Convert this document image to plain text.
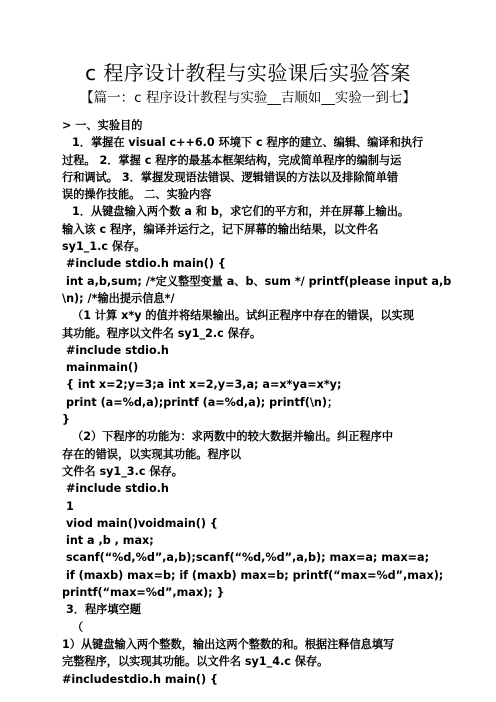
c 程序设计教程与实验课后实验答案
【篇一：c 程序设计教程与实验__吉顺如__实验一到七】

> 一、实验目的

1．掌握在 visual c++6.0 环境下 c 程序的建立、编辑、编译和执行

过程。 2．掌握 c 程序的最基本框架结构，完成简单程序的编制与运

行和调试。 3．掌握发现语法错误、逻辑错误的方法以及排除简单错

误的操作技能。 二、实验内容

1．从键盘输入两个数 a 和 b，求它们的平方和，并在屏幕上输出。

输入该 c 程序，编译并运行之，记下屏幕的输出结果，以文件名

sy1_1.c 保存。

#include stdio.h main() {

int a,b,sum; /*定义整型变量 a、b、sum */ printf(please input a,b

\n); /*输出提示信息*/

（1 计算 x*y 的值并将结果输出。试纠正程序中存在的错误，以实现

其功能。程序以文件名 sy1_2.c 保存。

#include stdio.h

mainmain()

{ int x=2;y=3;a int x=2,y=3,a; a=x*ya=x*y;

print (a=%d,a);printf (a=%d,a); printf(\n)；

}

（2）下程序的功能为：求两数中的较大数据并输出。纠正程序中

存在的错误，以实现其功能。程序以

文件名 sy1_3.c 保存。

#include stdio.h

1

viod main()voidmain() {

int a ,b , max;

scanf(“%d,%d”,a,b);scanf(“%d,%d”,a,b); max=a; max=a;

if (maxb) max=b; if (maxb) max=b; printf(“max=%d”,max);

printf(“max=%d”,max); }

3．程序填空题

（

1）从键盘输入两个整数，输出这两个整数的和。根据注释信息填写

完整程序，以实现其功能。以文件名 sy1_4.c 保存。

#includestdio.h main() {
